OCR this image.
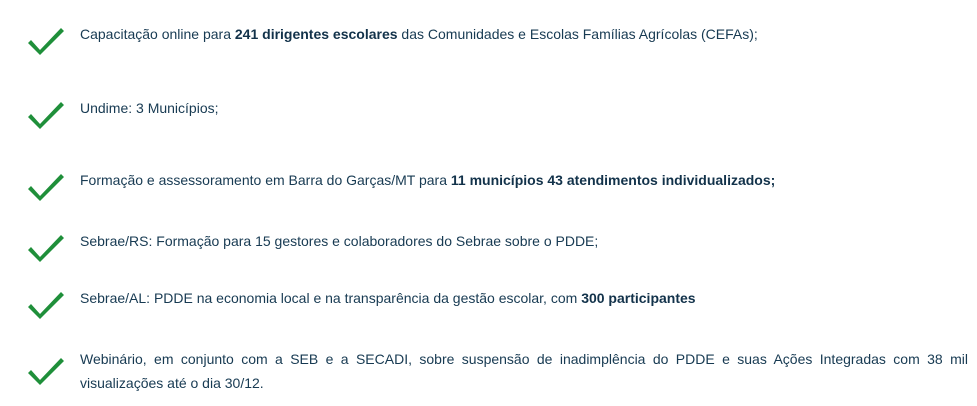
Capacitação online para 241 dirigentes escolares das Comunidades e Escolas Famílias Agrícolas (CEFAs);
Undime: 3 Municípios;
Formação e assessoramento em Barra do Garças/MT para 11 municípios 43 atendimentos individualizados;
Sebrae/RS: Formação para 15 gestores e colaboradores do Sebrae sobre o PDDE;
Sebrae/AL: PDDE na economia local e na transparência da gestão escolar, com 300 participantes
Webinário, em conjunto com a SEB e a SECADI, sobre suspensão de inadimplência do PDDE e suas Ações Integradas com 38 mil visualizações até o dia 30/12.
